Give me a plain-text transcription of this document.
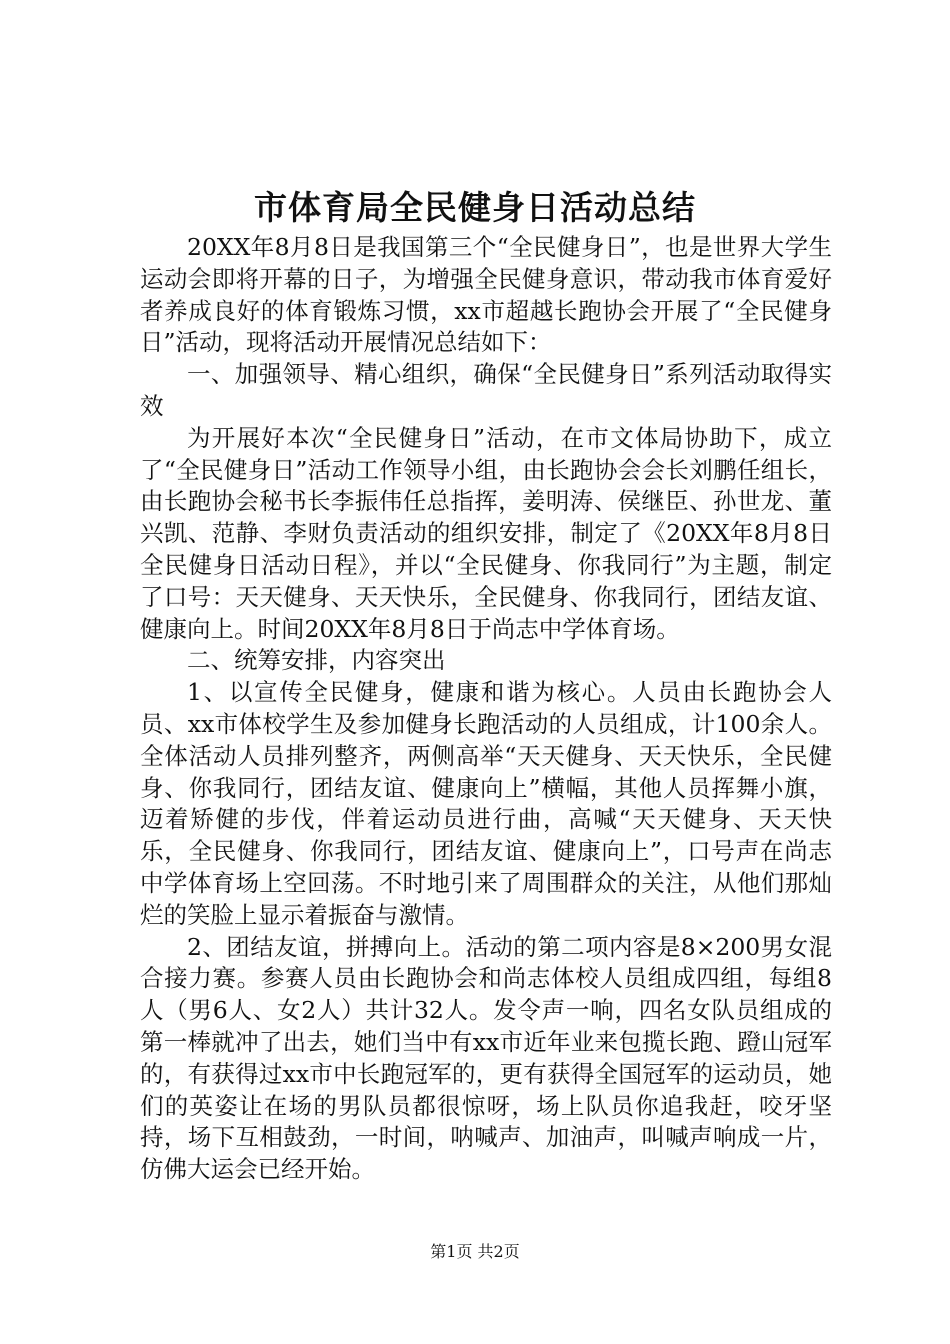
市体育局全民健身日活动总结

20XX年8月8日是我国第三个“全民健身日”，也是世界大学生运动会即将开幕的日子，为增强全民健身意识，带动我市体育爱好者养成良好的体育锻炼习惯，xx市超越长跑协会开展了“全民健身日”活动，现将活动开展情况总结如下：

一、加强领导、精心组织，确保“全民健身日”系列活动取得实效

为开展好本次“全民健身日”活动，在市文体局协助下，成立了“全民健身日”活动工作领导小组，由长跑协会会长刘鹏任组长，由长跑协会秘书长李振伟任总指挥，姜明涛、侯继臣、孙世龙、董兴凯、范静、李财负责活动的组织安排，制定了《20XX年8月8日全民健身日活动日程》，并以“全民健身、你我同行”为主题，制定了口号：天天健身、天天快乐，全民健身、你我同行，团结友谊、健康向上。时间20XX年8月8日于尚志中学体育场。

二、统筹安排，内容突出

1、以宣传全民健身，健康和谐为核心。人员由长跑协会人员、xx市体校学生及参加健身长跑活动的人员组成，计100余人。全体活动人员排列整齐，两侧高举“天天健身、天天快乐，全民健身、你我同行，团结友谊、健康向上”横幅，其他人员挥舞小旗，迈着矫健的步伐，伴着运动员进行曲，高喊“天天健身、天天快乐，全民健身、你我同行，团结友谊、健康向上”，口号声在尚志中学体育场上空回荡。不时地引来了周围群众的关注，从他们那灿烂的笑脸上显示着振奋与激情。

2、团结友谊，拼搏向上。活动的第二项内容是8×200男女混合接力赛。参赛人员由长跑协会和尚志体校人员组成四组，每组8人（男6人、女2人）共计32人。发令声一响，四名女队员组成的第一棒就冲了出去，她们当中有xx市近年业来包揽长跑、蹬山冠军的，有获得过xx市中长跑冠军的，更有获得全国冠军的运动员，她们的英姿让在场的男队员都很惊呀，场上队员你追我赶，咬牙坚持，场下互相鼓劲，一时间，呐喊声、加油声，叫喊声响成一片，仿佛大运会已经开始。

第1页 共2页
